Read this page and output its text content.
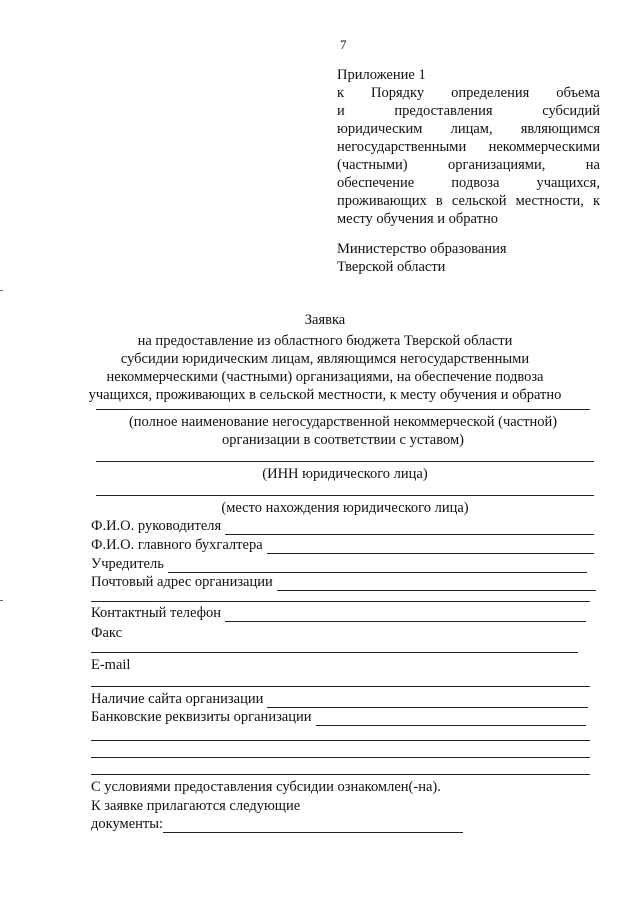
7
Приложение 1
к Порядку определения объема
и	предоставления	субсидий
юридическим лицам, являющимся
негосударственными некоммерческими
(частными)	организациями,	на
обеспечение	подвоза	учащихся,
проживающих в сельской местности, к
месту обучения и обратно
Министерство образования
Тверской области
Заявка
на предоставление из областного бюджета Тверской области
субсидии юридическим лицам, являющимся негосударственными
некоммерческими (частными) организациями, на обеспечение подвоза
учащихся, проживающих в сельской местности, к месту обучения и обратно
(полное наименование негосударственной некоммерческой (частной)
организации в соответствии с уставом)
(ИНН юридического лица)
(место нахождения юридического лица)
Ф.И.О. руководителя
Ф.И.О. главного бухгалтера
Учредитель
Почтовый адрес организации
Контактный телефон
Факс
E-mail
Наличие сайта организации
Банковские реквизиты организации
С условиями предоставления субсидии ознакомлен(-на).
К заявке прилагаются следующие
документы:
